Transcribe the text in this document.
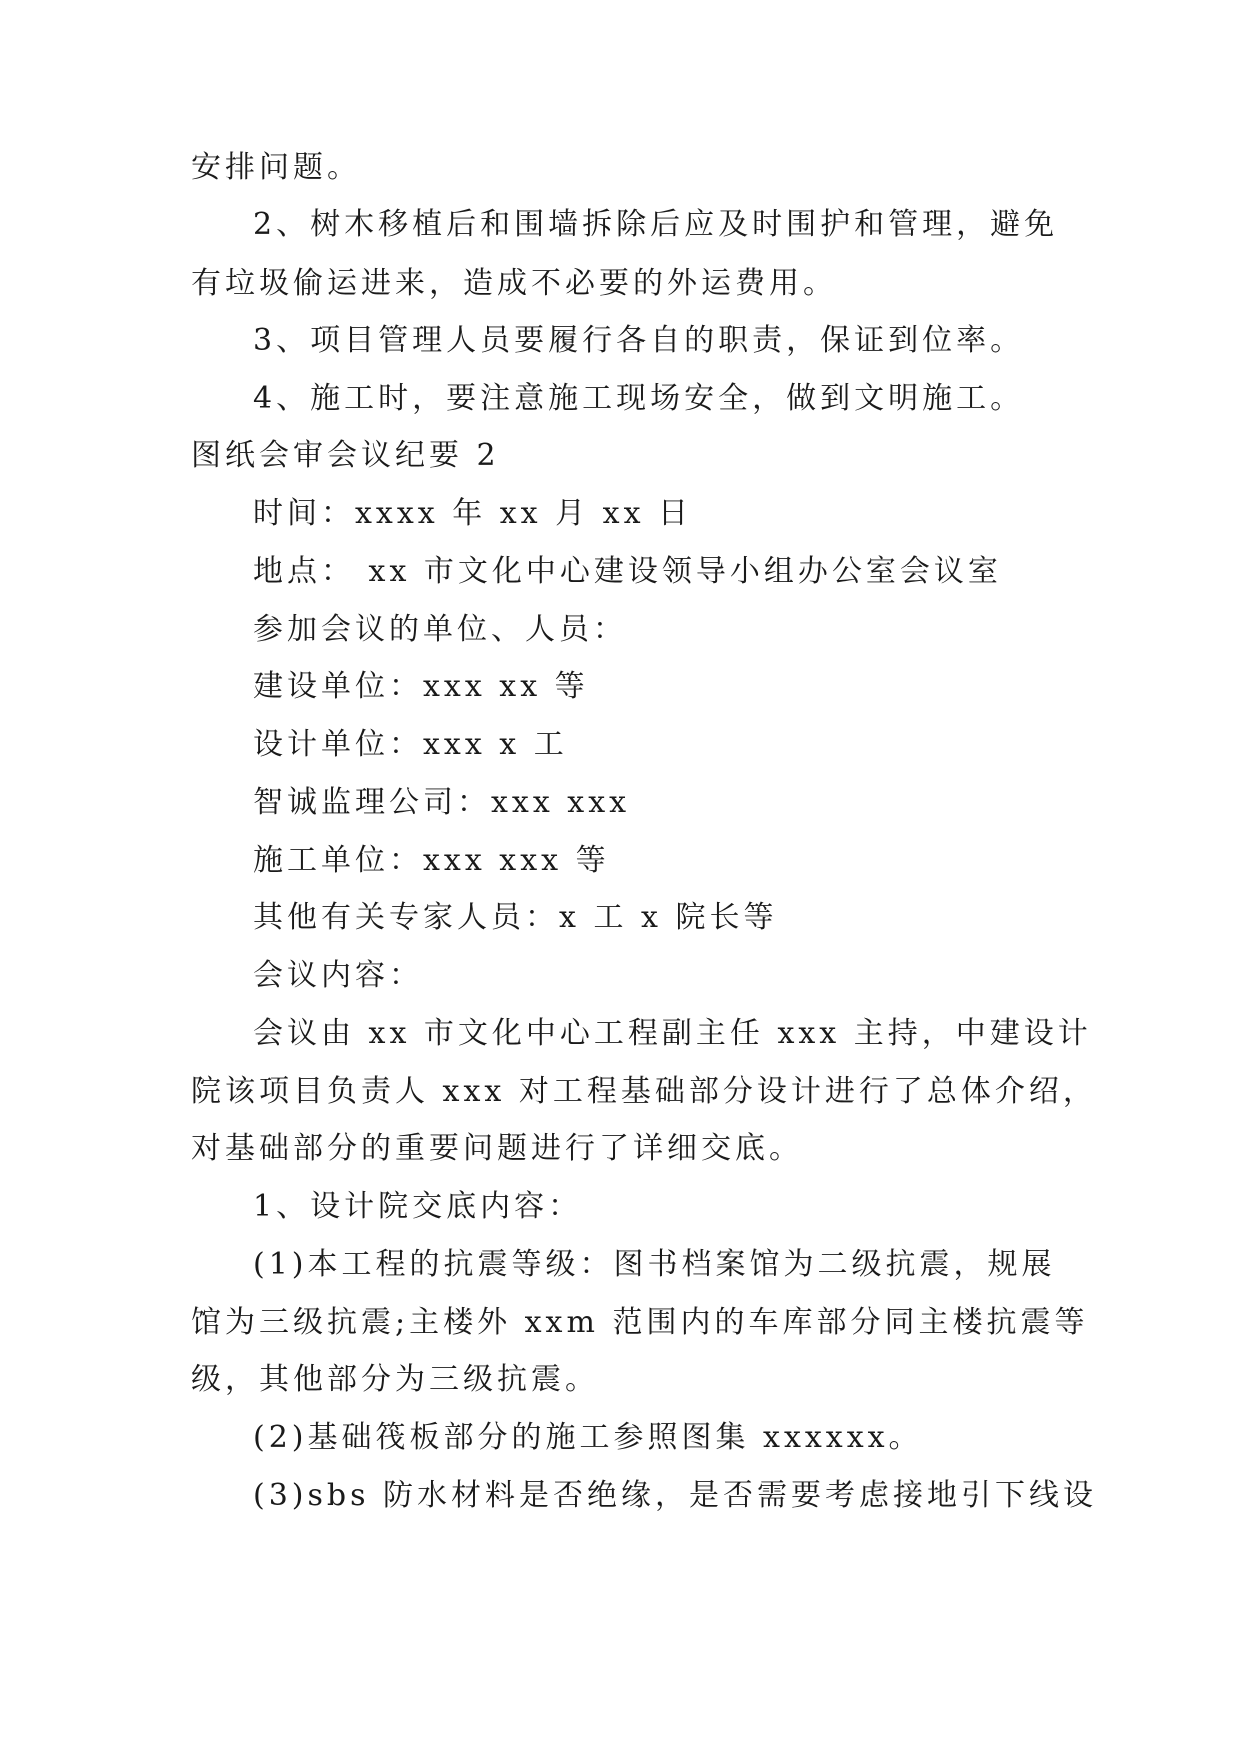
安排问题。
2、树木移植后和围墙拆除后应及时围护和管理，避免
有垃圾偷运进来，造成不必要的外运费用。
3、项目管理人员要履行各自的职责，保证到位率。
4、施工时，要注意施工现场安全，做到文明施工。
图纸会审会议纪要 2
时间：xxxx 年 xx 月 xx 日
地点： xx 市文化中心建设领导小组办公室会议室
参加会议的单位、人员：
建设单位：xxx xx 等
设计单位：xxx x 工
智诚监理公司：xxx xxx
施工单位：xxx xxx 等
其他有关专家人员：x 工 x 院长等
会议内容：
会议由 xx 市文化中心工程副主任 xxx 主持，中建设计
院该项目负责人 xxx 对工程基础部分设计进行了总体介绍，
对基础部分的重要问题进行了详细交底。
1、设计院交底内容：
(1)本工程的抗震等级：图书档案馆为二级抗震，规展
馆为三级抗震;主楼外 xxm 范围内的车库部分同主楼抗震等
级，其他部分为三级抗震。
(2)基础筏板部分的施工参照图集 xxxxxx。
(3)sbs 防水材料是否绝缘，是否需要考虑接地引下线设
